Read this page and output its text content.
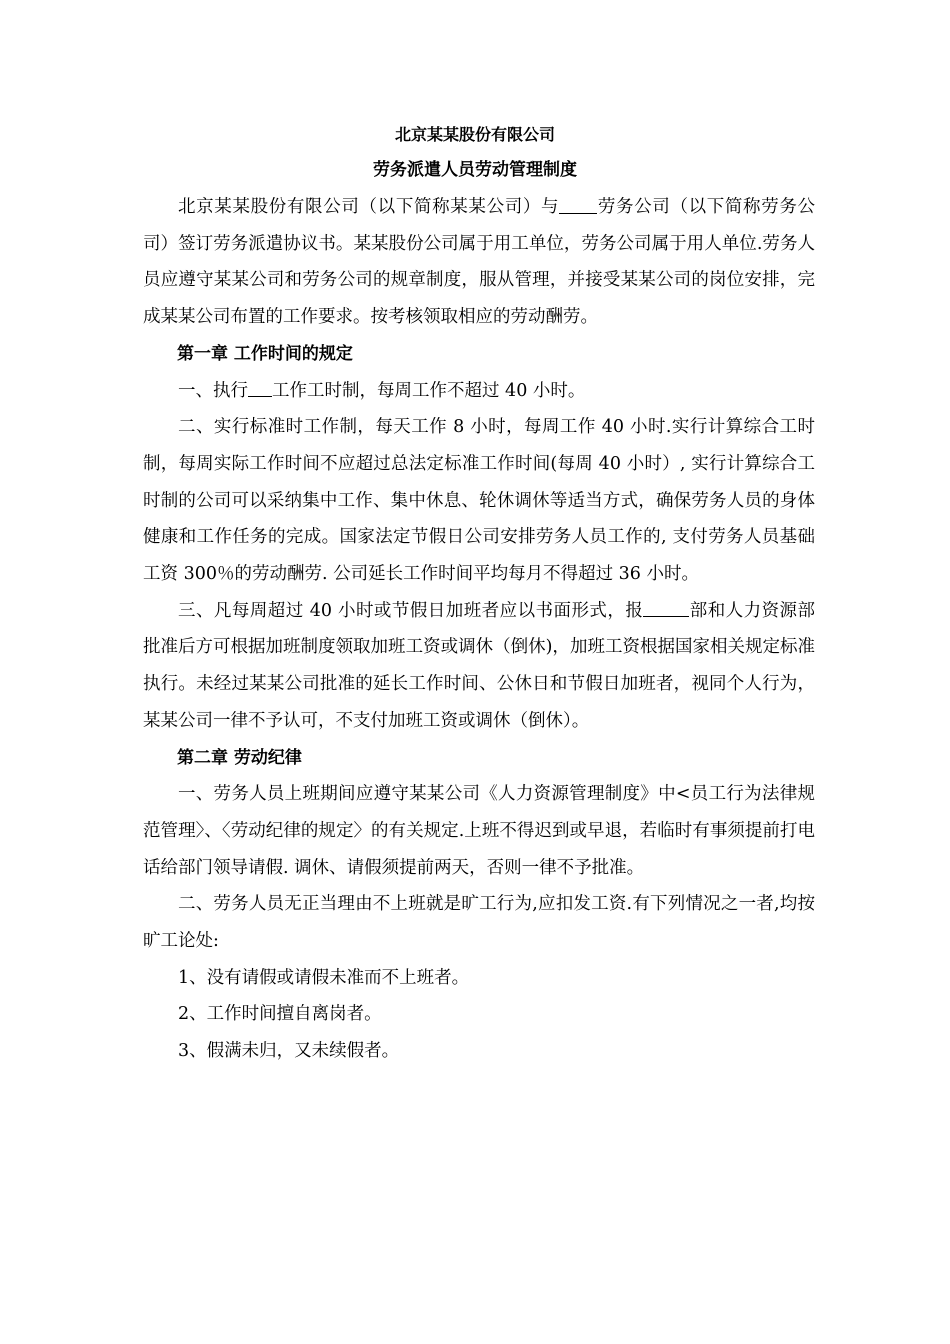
北京某某股份有限公司
劳务派遣人员劳动管理制度

北京某某股份有限公司（以下简称某某公司）与 劳务公司（以下简称劳务公司）签订劳务派遣协议书。某某股份公司属于用工单位，劳务公司属于用人单位.劳务人员应遵守某某公司和劳务公司的规章制度，服从管理，并接受某某公司的岗位安排，完成某某公司布置的工作要求。按考核领取相应的劳动酬劳。

第一章 工作时间的规定

一、执行 工作工时制，每周工作不超过 40 小时。

二、实行标准时工作制，每天工作 8 小时，每周工作 40 小时.实行计算综合工时制，每周实际工作时间不应超过总法定标准工作时间(每周 40 小时）, 实行计算综合工时制的公司可以采纳集中工作、集中休息、轮休调休等适当方式，确保劳务人员的身体健康和工作任务的完成。国家法定节假日公司安排劳务人员工作的, 支付劳务人员基础工资 300％的劳动酬劳. 公司延长工作时间平均每月不得超过 36 小时。

三、凡每周超过 40 小时或节假日加班者应以书面形式，报	部和人力资源部批准后方可根据加班制度领取加班工资或调休（倒休)，加班工资根据国家相关规定标准执行。未经过某某公司批准的延长工作时间、公休日和节假日加班者，视同个人行为，某某公司一律不予认可，不支付加班工资或调休（倒休）。

第二章 劳动纪律

一、劳务人员上班期间应遵守某某公司《人力资源管理制度》中<员工行为法律规范管理〉、〈劳动纪律的规定〉的有关规定.上班不得迟到或早退，若临时有事须提前打电话给部门领导请假. 调休、请假须提前两天，否则一律不予批准。

二、劳务人员无正当理由不上班就是旷工行为,应扣发工资.有下列情况之一者,均按旷工论处:

1、没有请假或请假未准而不上班者。

2、工作时间擅自离岗者。

3、假满未归，又未续假者。
